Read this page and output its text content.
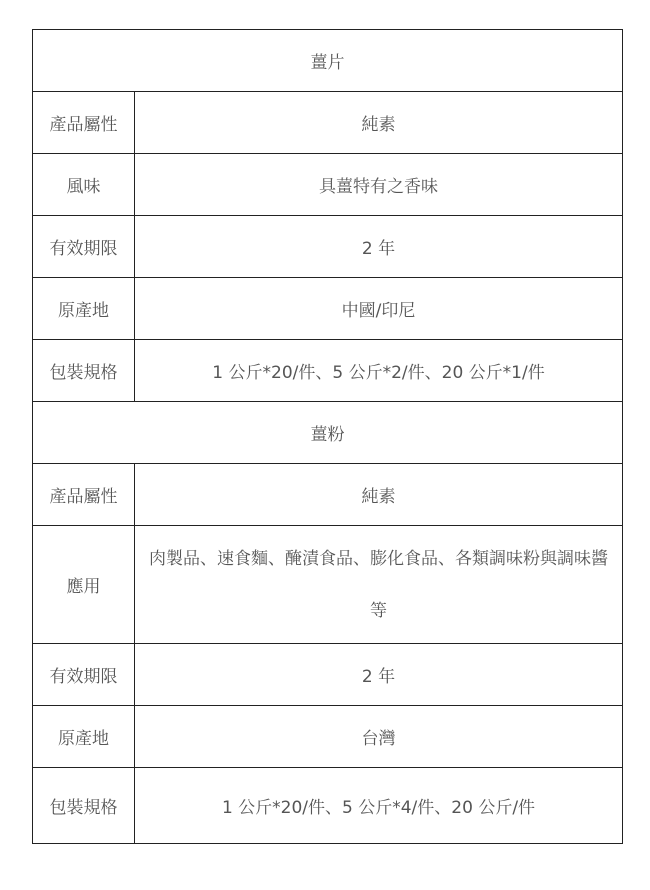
薑片	
產品屬性	純素
風味	具薑特有之香味
有效期限	2 年
原產地	中國/印尼
包裝規格	1 公斤*20/件、5 公斤*2/件、20 公斤*1/件
薑粉	
產品屬性	純素
應用	肉製品、速食麵、醃漬食品、膨化食品、各類調味粉與調味醬等
有效期限	2 年
原產地	台灣
包裝規格	1 公斤*20/件、5 公斤*4/件、20 公斤/件
